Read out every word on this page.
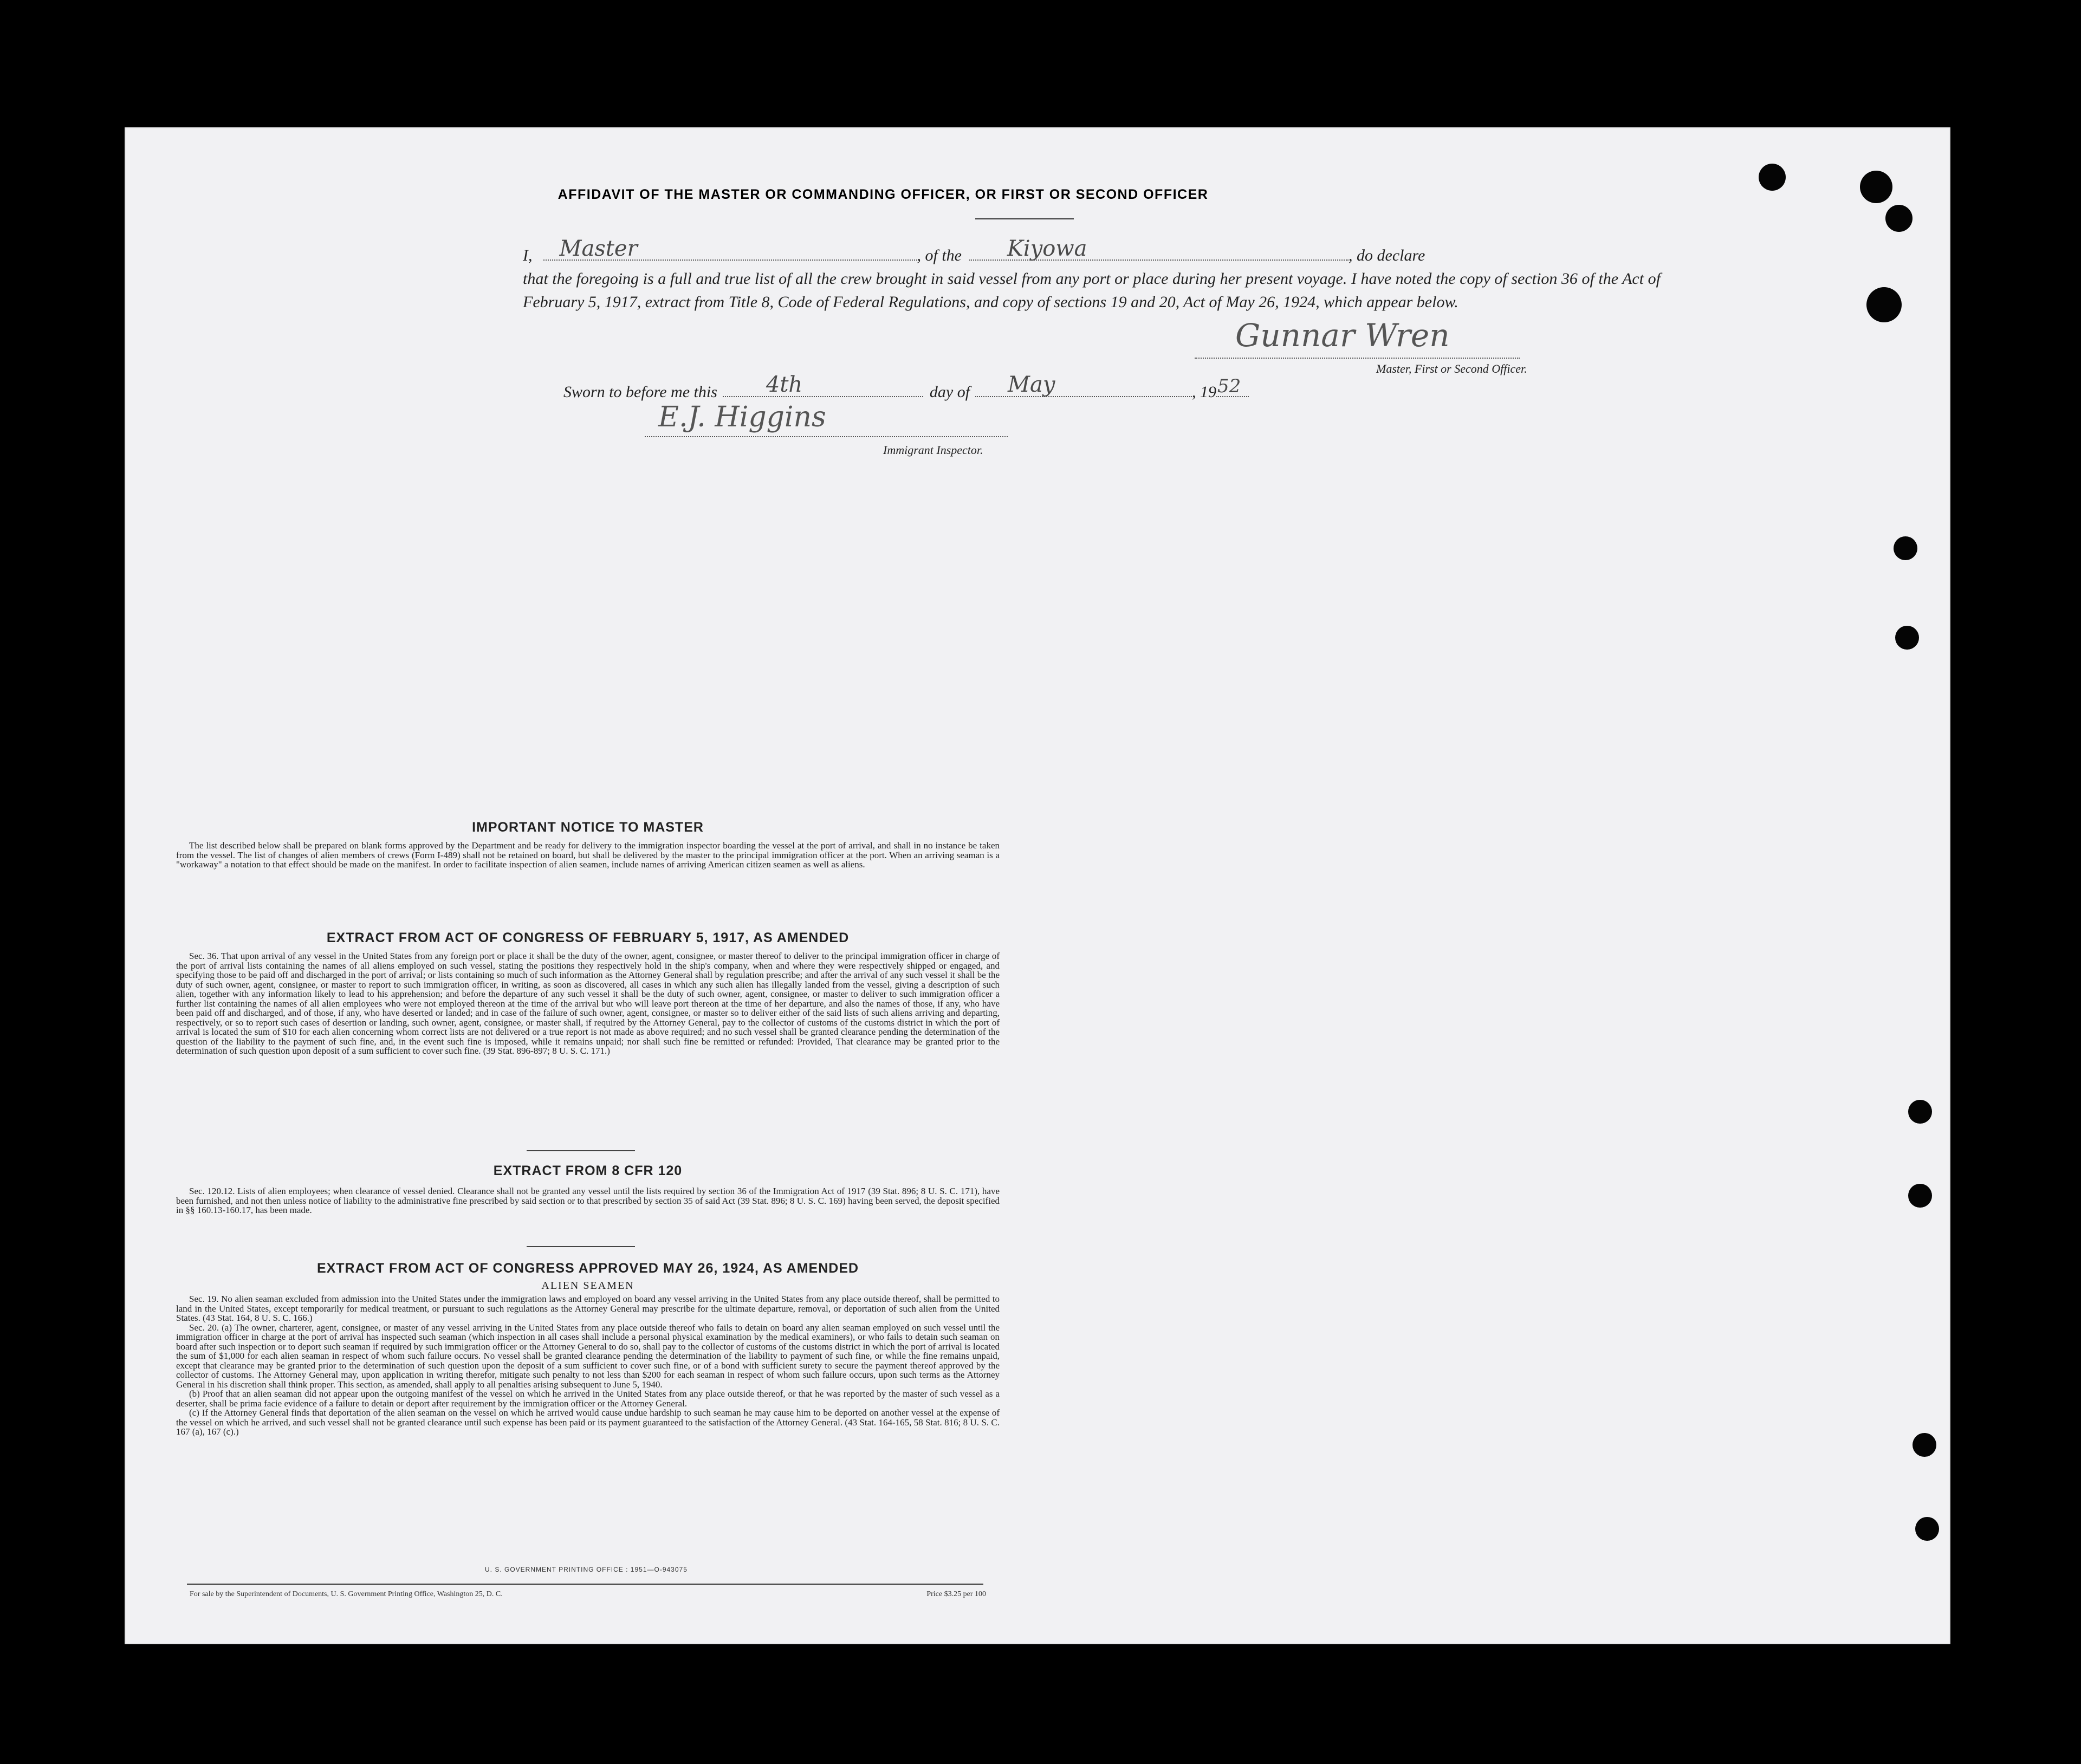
AFFIDAVIT OF THE MASTER OR COMMANDING OFFICER, OR FIRST OR SECOND OFFICER
I, Master	, of the Kiyowa	, do declare
that the foregoing is a full and true list of all the crew brought in said vessel from any port or place during her present voyage. I have noted the copy of section 36 of the Act of February 5, 1917, extract from Title 8, Code of Federal Regulations, and copy of sections 19 and 20, Act of May 26, 1924, which appear below.
Gunnar Wren
Master, First or Second Officer.
Sworn to before me this 4th	day of May	, 19 52
E.J. Higgins
Immigrant Inspector.
IMPORTANT NOTICE TO MASTER

The list described below shall be prepared on blank forms approved by the Department and be ready for delivery to the immigration inspector boarding the vessel at the port of arrival, and shall in no instance be taken from the vessel. The list of changes of alien members of crews (Form I-489) shall not be retained on board, but shall be delivered by the master to the principal immigration officer at the port. When an arriving seaman is a "workaway" a notation to that effect should be made on the manifest. In order to facilitate inspection of alien seamen, include names of arriving American citizen seamen as well as aliens.

EXTRACT FROM ACT OF CONGRESS OF FEBRUARY 5, 1917, AS AMENDED

Sec. 36. That upon arrival of any vessel in the United States from any foreign port or place it shall be the duty of the owner, agent, consignee, or master thereof to deliver to the principal immigration officer in charge of the port of arrival lists containing the names of all aliens employed on such vessel, stating the positions they respectively hold in the ship's company, when and where they were respectively shipped or engaged, and specifying those to be paid off and discharged in the port of arrival; or lists containing so much of such information as the Attorney General shall by regulation prescribe; and after the arrival of any such vessel it shall be the duty of such owner, agent, consignee, or master to report to such immigration officer, in writing, as soon as discovered, all cases in which any such alien has illegally landed from the vessel, giving a description of such alien, together with any information likely to lead to his apprehension; and before the departure of any such vessel it shall be the duty of such owner, agent, consignee, or master to deliver to such immigration officer a further list containing the names of all alien employees who were not employed thereon at the time of the arrival but who will leave port thereon at the time of her departure, and also the names of those, if any, who have been paid off and discharged, and of those, if any, who have deserted or landed; and in case of the failure of such owner, agent, consignee, or master so to deliver either of the said lists of such aliens arriving and departing, respectively, or so to report such cases of desertion or landing, such owner, agent, consignee, or master shall, if required by the Attorney General, pay to the collector of customs of the customs district in which the port of arrival is located the sum of $10 for each alien concerning whom correct lists are not delivered or a true report is not made as above required; and no such vessel shall be granted clearance pending the determination of the question of the liability to the payment of such fine, and, in the event such fine is imposed, while it remains unpaid; nor shall such fine be remitted or refunded: Provided, That clearance may be granted prior to the determination of such question upon deposit of a sum sufficient to cover such fine. (39 Stat. 896-897; 8 U. S. C. 171.)

EXTRACT FROM 8 CFR 120

Sec. 120.12. Lists of alien employees; when clearance of vessel denied. Clearance shall not be granted any vessel until the lists required by section 36 of the Immigration Act of 1917 (39 Stat. 896; 8 U. S. C. 171), have been furnished, and not then unless notice of liability to the administrative fine prescribed by said section or to that prescribed by section 35 of said Act (39 Stat. 896; 8 U. S. C. 169) having been served, the deposit specified in §§ 160.13-160.17, has been made.

EXTRACT FROM ACT OF CONGRESS APPROVED MAY 26, 1924, AS AMENDED
ALIEN SEAMEN

Sec. 19. No alien seaman excluded from admission into the United States under the immigration laws and employed on board any vessel arriving in the United States from any place outside thereof, shall be permitted to land in the United States, except temporarily for medical treatment, or pursuant to such regulations as the Attorney General may prescribe for the ultimate departure, removal, or deportation of such alien from the United States. (43 Stat. 164, 8 U. S. C. 166.)

Sec. 20. (a) The owner, charterer, agent, consignee, or master of any vessel arriving in the United States from any place outside thereof who fails to detain on board any alien seaman employed on such vessel until the immigration officer in charge at the port of arrival has inspected such seaman (which inspection in all cases shall include a personal physical examination by the medical examiners), or who fails to detain such seaman on board after such inspection or to deport such seaman if required by such immigration officer or the Attorney General to do so, shall pay to the collector of customs of the customs district in which the port of arrival is located the sum of $1,000 for each alien seaman in respect of whom such failure occurs. No vessel shall be granted clearance pending the determination of the liability to payment of such fine, or while the fine remains unpaid, except that clearance may be granted prior to the determination of such question upon the deposit of a sum sufficient to cover such fine, or of a bond with sufficient surety to secure the payment thereof approved by the collector of customs. The Attorney General may, upon application in writing therefor, mitigate such penalty to not less than $200 for each seaman in respect of whom such failure occurs, upon such terms as the Attorney General in his discretion shall think proper. This section, as amended, shall apply to all penalties arising subsequent to June 5, 1940.

(b) Proof that an alien seaman did not appear upon the outgoing manifest of the vessel on which he arrived in the United States from any place outside thereof, or that he was reported by the master of such vessel as a deserter, shall be prima facie evidence of a failure to detain or deport after requirement by the immigration officer or the Attorney General.

(c) If the Attorney General finds that deportation of the alien seaman on the vessel on which he arrived would cause undue hardship to such seaman he may cause him to be deported on another vessel at the expense of the vessel on which he arrived, and such vessel shall not be granted clearance until such expense has been paid or its payment guaranteed to the satisfaction of the Attorney General. (43 Stat. 164-165, 58 Stat. 816; 8 U. S. C. 167 (a), 167 (c).)

U. S. GOVERNMENT PRINTING OFFICE : 1951—O-943075
For sale by the Superintendent of Documents, U. S. Government Printing Office, Washington 25, D. C.	Price $3.25 per 100
